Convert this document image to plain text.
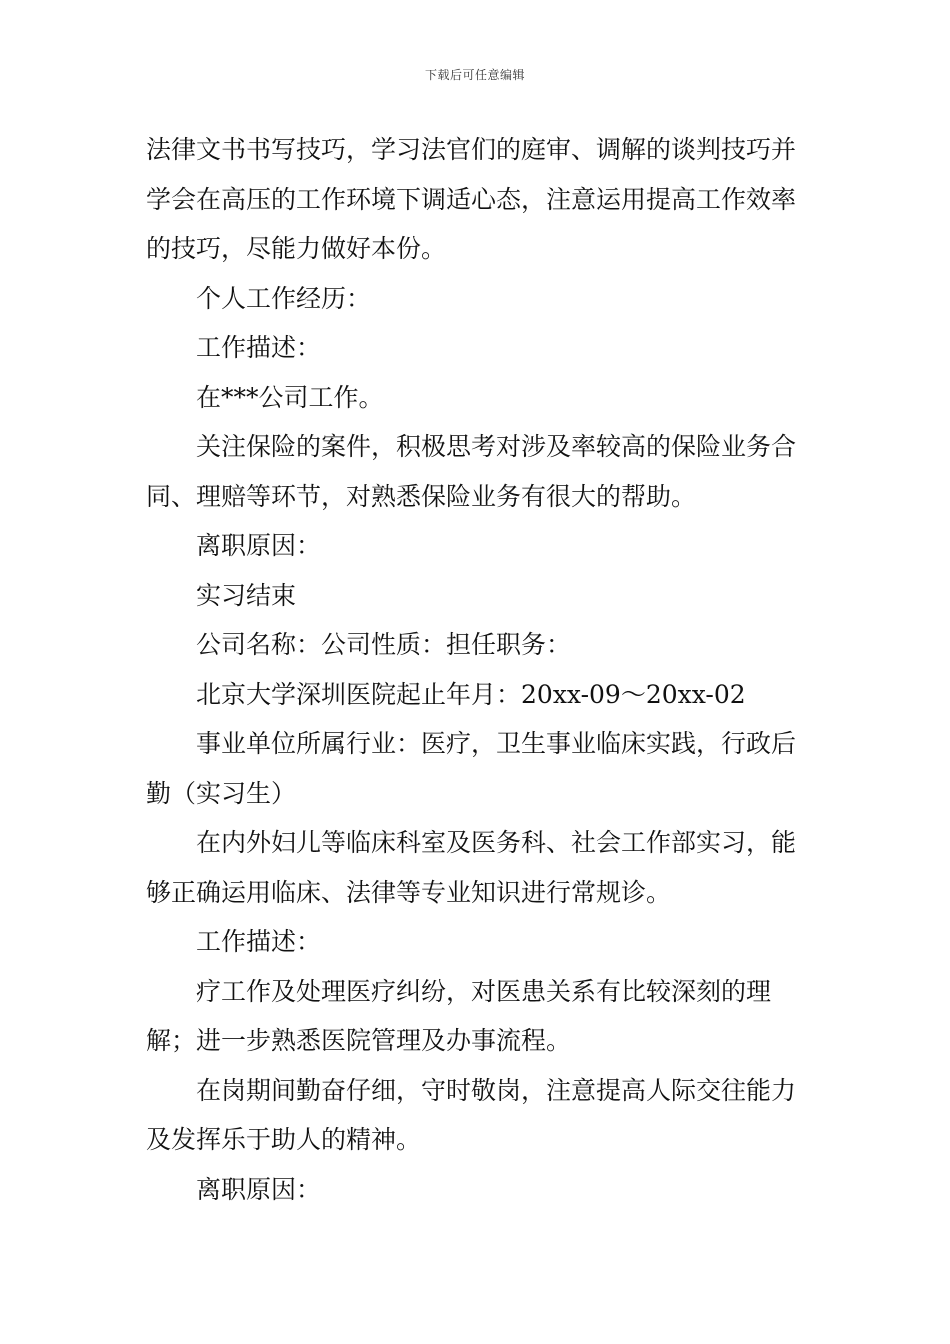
下载后可任意编辑

法律文书书写技巧，学习法官们的庭审、调解的谈判技巧并学会在高压的工作环境下调适心态，注意运用提高工作效率的技巧，尽能力做好本份。

个人工作经历：

工作描述：

在***公司工作。

关注保险的案件，积极思考对涉及率较高的保险业务合同、理赔等环节，对熟悉保险业务有很大的帮助。

离职原因：

实习结束

公司名称：公司性质：担任职务：

北京大学深圳医院起止年月：20xx-09～20xx-02

事业单位所属行业：医疗，卫生事业临床实践，行政后勤（实习生）

在内外妇儿等临床科室及医务科、社会工作部实习，能够正确运用临床、法律等专业知识进行常规诊。

工作描述：

疗工作及处理医疗纠纷，对医患关系有比较深刻的理解；进一步熟悉医院管理及办事流程。

在岗期间勤奋仔细，守时敬岗，注意提高人际交往能力及发挥乐于助人的精神。

离职原因：
